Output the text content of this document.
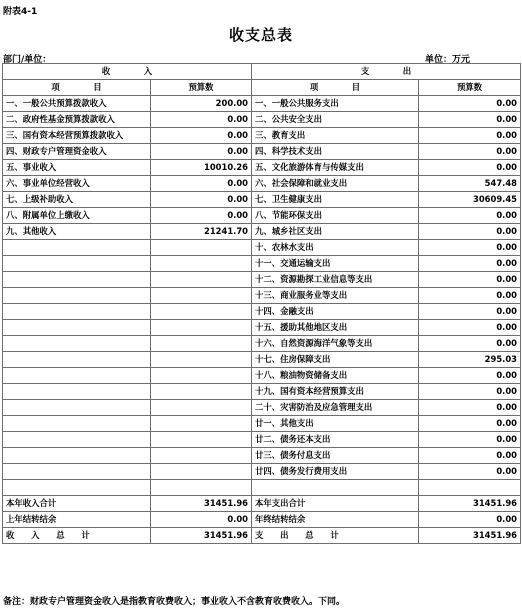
附表4-1
收支总表
部门/单位：	单位：万元
收　　　　入		支　　　　出	
项　　　　目	预算数	项　　　　目	预算数
一、一般公共预算拨款收入	200.00	一、一般公共服务支出	0.00
二、政府性基金预算拨款收入	0.00	二、公共安全支出	0.00
三、国有资本经营预算拨款收入	0.00	三、教育支出	0.00
四、财政专户管理资金收入	0.00	四、科学技术支出	0.00
五、事业收入	10010.26	五、文化旅游体育与传媒支出	0.00
六、事业单位经营收入	0.00	六、社会保障和就业支出	547.48
七、上级补助收入	0.00	七、卫生健康支出	30609.45
八、附属单位上缴收入	0.00	八、节能环保支出	0.00
九、其他收入	21241.70	九、城乡社区支出	0.00
		十、农林水支出	0.00
		十一、交通运输支出	0.00
		十二、资源勘探工业信息等支出	0.00
		十三、商业服务业等支出	0.00
		十四、金融支出	0.00
		十五、援助其他地区支出	0.00
		十六、自然资源海洋气象等支出	0.00
		十七、住房保障支出	295.03
		十八、粮油物资储备支出	0.00
		十九、国有资本经营预算支出	0.00
		二十、灾害防治及应急管理支出	0.00
		廿一、其他支出	0.00
		廿二、债务还本支出	0.00
		廿三、债务付息支出	0.00
		廿四、债务发行费用支出	0.00

本年收入合计	31451.96	本年支出合计	31451.96
上年结转结余	0.00	年终结转结余	0.00
收　　入　　总　　计	31451.96	支　　出　　总　　计	31451.96
备注：财政专户管理资金收入是指教育收费收入；事业收入不含教育收费收入。下同。
